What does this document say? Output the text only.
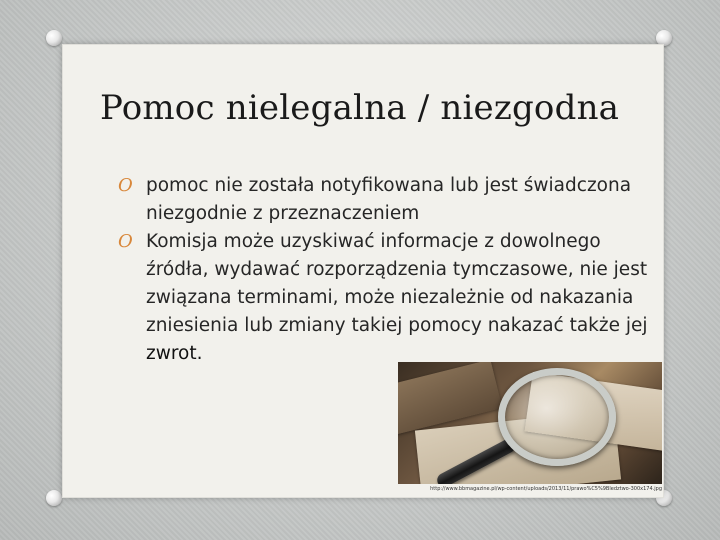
Pomoc nielegalna / niezgodna
O pomoc nie została notyfikowana lub jest świadczona niezgodnie z przeznaczeniem
O Komisja może uzyskiwać informacje z dowolnego źródła, wydawać rozporządzenia tymczasowe, nie jest związana terminami, może niezależnie od nakazania zniesienia lub zmiany takiej pomocy nakazać także jej zwrot.
http://www.bbmagazine.pl/wp-content/uploads/2013/11/prawo%C5%9Bledztwo-300x174.jpg
